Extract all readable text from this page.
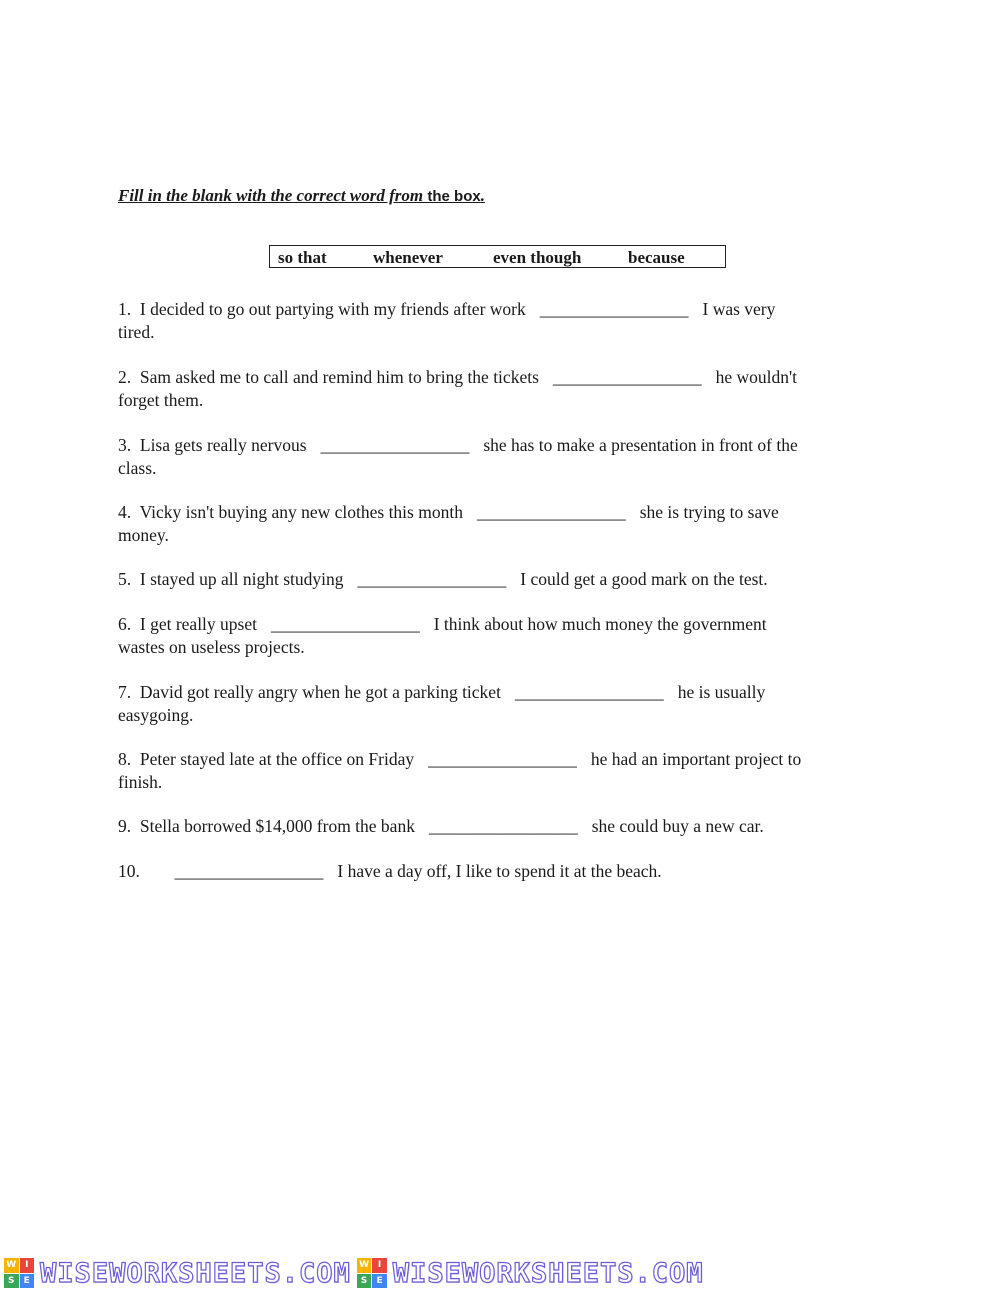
Fill in the blank with the correct word from the box.
so that	whenever	even though	because
1. I decided to go out partying with my friends after work _________________ I was very
tired.
2. Sam asked me to call and remind him to bring the tickets _________________ he wouldn't
forget them.
3. Lisa gets really nervous _________________ she has to make a presentation in front of the
class.
4. Vicky isn't buying any new clothes this month _________________ she is trying to save
money.
5. I stayed up all night studying _________________ I could get a good mark on the test.
6. I get really upset _________________ I think about how much money the government
wastes on useless projects.
7. David got really angry when he got a parking ticket _________________ he is usually
easygoing.
8. Peter stayed late at the office on Friday _________________ he had an important project to
finish.
9. Stella borrowed $14,000 from the bank _________________ she could buy a new car.
10. _________________ I have a day off, I like to spend it at the beach.
W I
S	E W I S E W O R K S H E E T S . C O M W I
S	E W I S E W O R K S H E E T S . C O M
